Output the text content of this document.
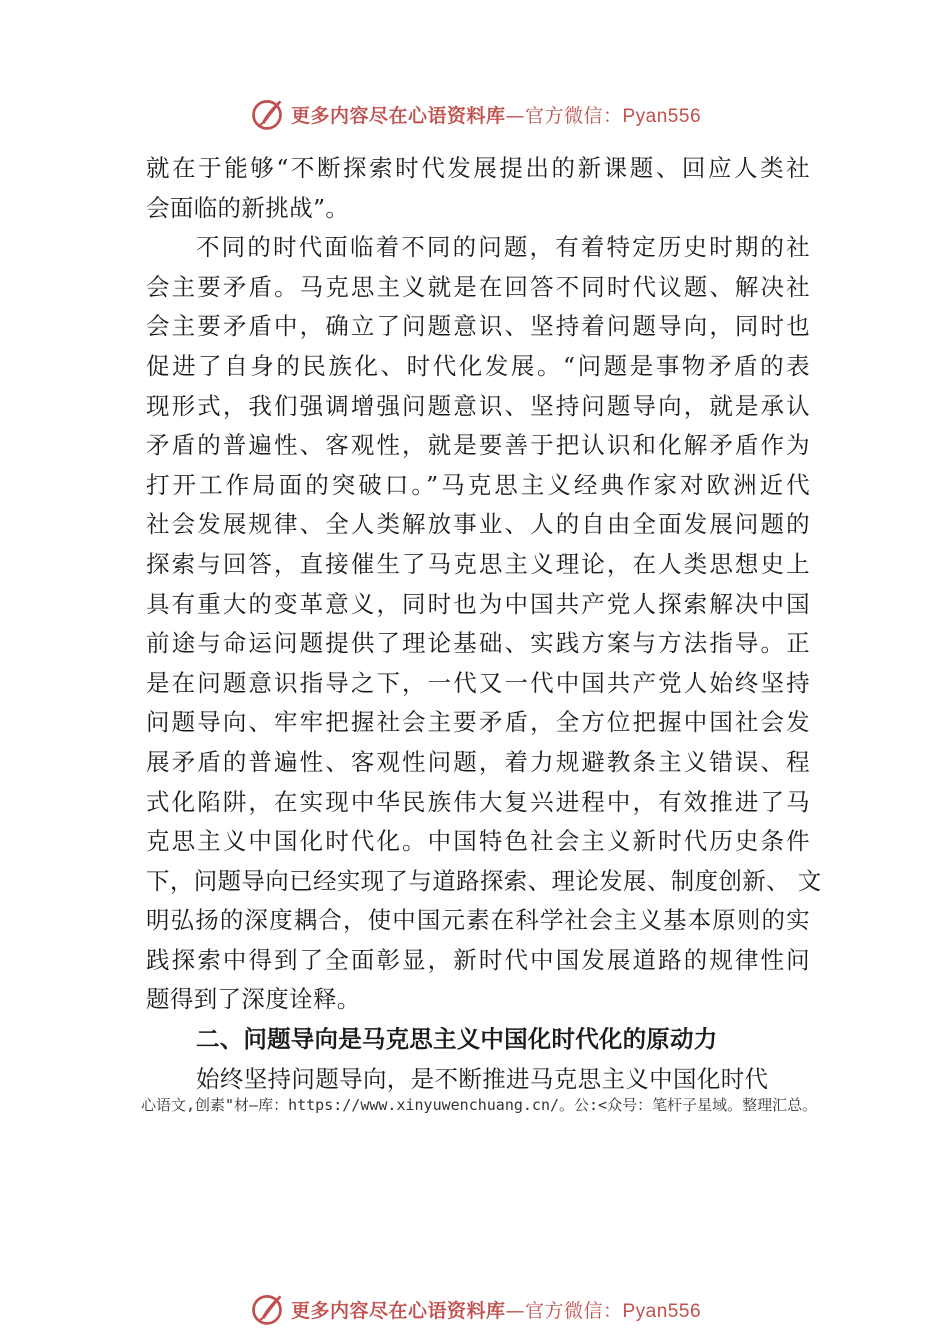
更多内容尽在心语资料库—官方微信：Pyan556
就在于能够“不断探索时代发展提出的新课题、回应人类社
会面临的新挑战”。
不同的时代面临着不同的问题，有着特定历史时期的社
会主要矛盾。马克思主义就是在回答不同时代议题、解决社
会主要矛盾中，确立了问题意识、坚持着问题导向，同时也
促进了自身的民族化、时代化发展。“问题是事物矛盾的表
现形式，我们强调增强问题意识、坚持问题导向，就是承认
矛盾的普遍性、客观性，就是要善于把认识和化解矛盾作为
打开工作局面的突破口。”马克思主义经典作家对欧洲近代
社会发展规律、全人类解放事业、人的自由全面发展问题的
探索与回答，直接催生了马克思主义理论，在人类思想史上
具有重大的变革意义，同时也为中国共产党人探索解决中国
前途与命运问题提供了理论基础、实践方案与方法指导。正
是在问题意识指导之下，一代又一代中国共产党人始终坚持
问题导向、牢牢把握社会主要矛盾，全方位把握中国社会发
展矛盾的普遍性、客观性问题，着力规避教条主义错误、程
式化陷阱，在实现中华民族伟大复兴进程中，有效推进了马
克思主义中国化时代化。中国特色社会主义新时代历史条件
下，问题导向已经实现了与道路探索、理论发展、制度创新、 文
明弘扬的深度耦合，使中国元素在科学社会主义基本原则的实
践探索中得到了全面彰显，新时代中国发展道路的规律性问
题得到了深度诠释。
二、问题导向是马克思主义中国化时代化的原动力
始终坚持问题导向，是不断推进马克思主义中国化时代
心语文,创素"材—库：https://www.xinyuwenchuang.cn/。公:<众号：笔杆子星域。整理汇总。
更多内容尽在心语资料库—官方微信：Pyan556
